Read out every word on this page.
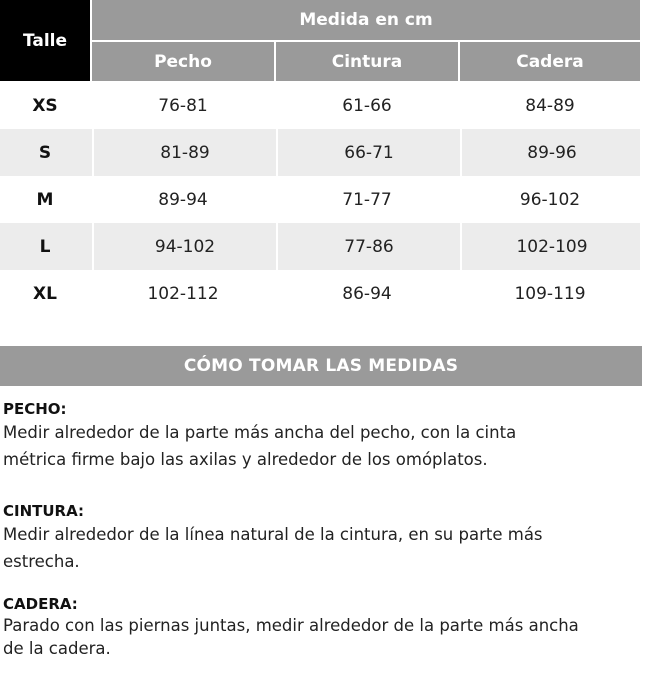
Talle
Medida en cm
Pecho	Cintura	Cadera
XS	76-81	61-66	84-89
S	81-89	66-71	89-96
M	89-94	71-77	96-102
L	94-102	77-86	102-109
XL	102-112	86-94	109-119
CÓMO TOMAR LAS MEDIDAS
PECHO:
Medir alrededor de la parte más ancha del pecho, con la cinta
métrica firme bajo las axilas y alrededor de los omóplatos.
CINTURA:
Medir alrededor de la línea natural de la cintura, en su parte más
estrecha.
CADERA:
Parado con las piernas juntas, medir alrededor de la parte más ancha
de la cadera.
